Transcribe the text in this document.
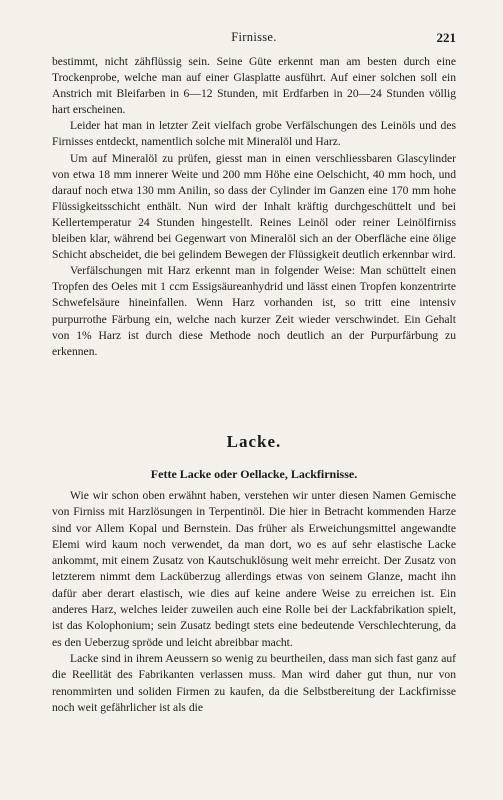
Firnisse.	221

bestimmt, nicht zähflüssig sein. Seine Güte erkennt man am besten durch eine Trockenprobe, welche man auf einer Glasplatte ausführt. Auf einer solchen soll ein Anstrich mit Bleifarben in 6—12 Stunden, mit Erdfarben in 20—24 Stunden völlig hart erscheinen.

Leider hat man in letzter Zeit vielfach grobe Verfälschungen des Leinöls und des Firnisses entdeckt, namentlich solche mit Mineralöl und Harz.

Um auf Mineralöl zu prüfen, giesst man in einen verschliessbaren Glascylinder von etwa 18 mm innerer Weite und 200 mm Höhe eine Oelschicht, 40 mm hoch, und darauf noch etwa 130 mm Anilin, so dass der Cylinder im Ganzen eine 170 mm hohe Flüssigkeitsschicht enthält. Nun wird der Inhalt kräftig durchgeschüttelt und bei Kellertemperatur 24 Stunden hingestellt. Reines Leinöl oder reiner Leinölfirniss bleiben klar, während bei Gegenwart von Mineralöl sich an der Oberfläche eine ölige Schicht abscheidet, die bei gelindem Bewegen der Flüssigkeit deutlich erkennbar wird.

Verfälschungen mit Harz erkennt man in folgender Weise: Man schüttelt einen Tropfen des Oeles mit 1 ccm Essigsäureanhydrid und lässt einen Tropfen konzentrirte Schwefelsäure hineinfallen. Wenn Harz vorhanden ist, so tritt eine intensiv purpurrothe Färbung ein, welche nach kurzer Zeit wieder verschwindet. Ein Gehalt von 1% Harz ist durch diese Methode noch deutlich an der Purpurfärbung zu erkennen.

Lacke.
Fette Lacke oder Oellacke, Lackfirnisse.

Wie wir schon oben erwähnt haben, verstehen wir unter diesen Namen Gemische von Firniss mit Harzlösungen in Terpentinöl. Die hier in Betracht kommenden Harze sind vor Allem Kopal und Bernstein. Das früher als Erweichungsmittel angewandte Elemi wird kaum noch verwendet, da man dort, wo es auf sehr elastische Lacke ankommt, mit einem Zusatz von Kautschuklösung weit mehr erreicht. Der Zusatz von letzterem nimmt dem Lacküberzug allerdings etwas von seinem Glanze, macht ihn dafür aber derart elastisch, wie dies auf keine andere Weise zu erreichen ist. Ein anderes Harz, welches leider zuweilen auch eine Rolle bei der Lackfabrikation spielt, ist das Kolophonium; sein Zusatz bedingt stets eine bedeutende Verschlechterung, da es den Ueberzug spröde und leicht abreibbar macht.

Lacke sind in ihrem Aeussern so wenig zu beurtheilen, dass man sich fast ganz auf die Reellität des Fabrikanten verlassen muss. Man wird daher gut thun, nur von renommirten und soliden Firmen zu kaufen, da die Selbstbereitung der Lackfirnisse noch weit gefährlicher ist als die
